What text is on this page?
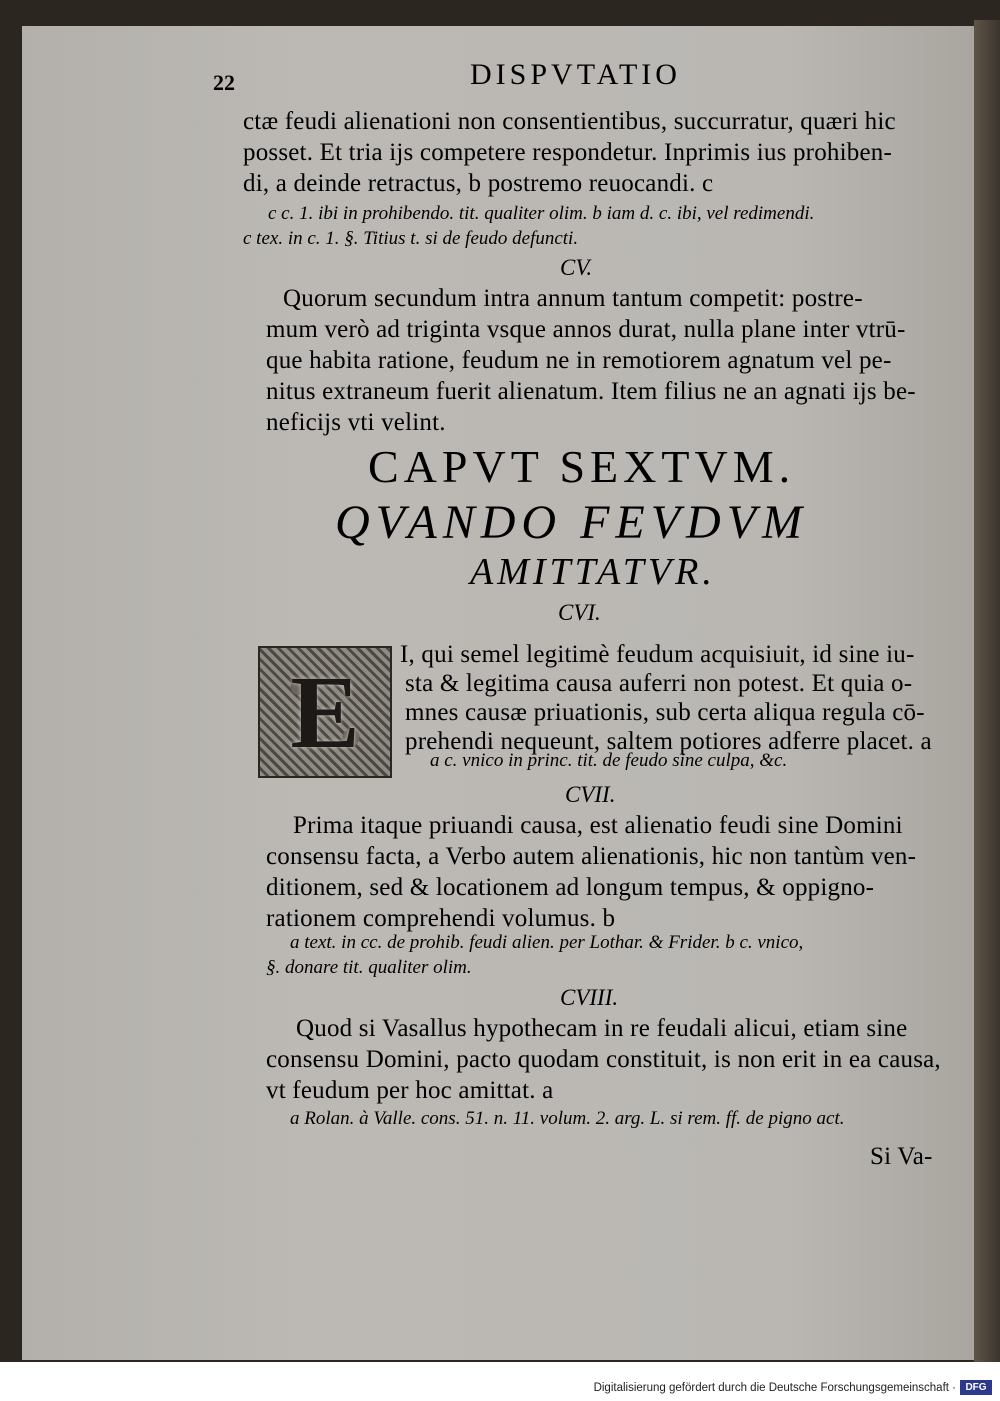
22	DISPVTATIO
ctæ feudi alienationi non consentientibus, succurratur, quæri hic
posset. Et tria ijs competere respondetur. Inprimis ius prohiben-
di, a deinde retractus, b postremo reuocandi. c
c c. 1. ibi in prohibendo. tit. qualiter olim. b iam d. c. ibi, vel redimendi.
c tex. in c. 1. §. Titius t. si de feudo defuncti.
CV.
Quorum secundum intra annum tantum competit: postre-
mum verò ad triginta vsque annos durat, nulla plane inter vtrū-
que habita ratione, feudum ne in remotiorem agnatum vel pe-
nitus extraneum fuerit alienatum. Item filius ne an agnati ijs be-
neficijs vti velint.
CAPVT SEXTVM.
QVANDO FEVDVM
AMITTATVR.
CVI.
E
I, qui semel legitimè feudum acquisiuit, id sine iu-
sta & legitima causa auferri non potest. Et quia o-
mnes causæ priuationis, sub certa aliqua regula cō-
prehendi nequeunt, saltem potiores adferre placet. a
a c. vnico in princ. tit. de feudo sine culpa, &c.
CVII.
Prima itaque priuandi causa, est alienatio feudi sine Domini
consensu facta, a Verbo autem alienationis, hic non tantùm ven-
ditionem, sed & locationem ad longum tempus, & oppigno-
rationem comprehendi volumus. b
a text. in cc. de prohib. feudi alien. per Lothar. & Frider. b c. vnico,
§. donare tit. qualiter olim.
CVIII.
Quod si Vasallus hypothecam in re feudali alicui, etiam sine
consensu Domini, pacto quodam constituit, is non erit in ea causa,
vt feudum per hoc amittat. a
a Rolan. à Valle. cons. 51. n. 11. volum. 2. arg. L. si rem. ff. de pigno act.
Si Va-
Digitalisierung gefördert durch die Deutsche Forschungsgemeinschaft · DFG
